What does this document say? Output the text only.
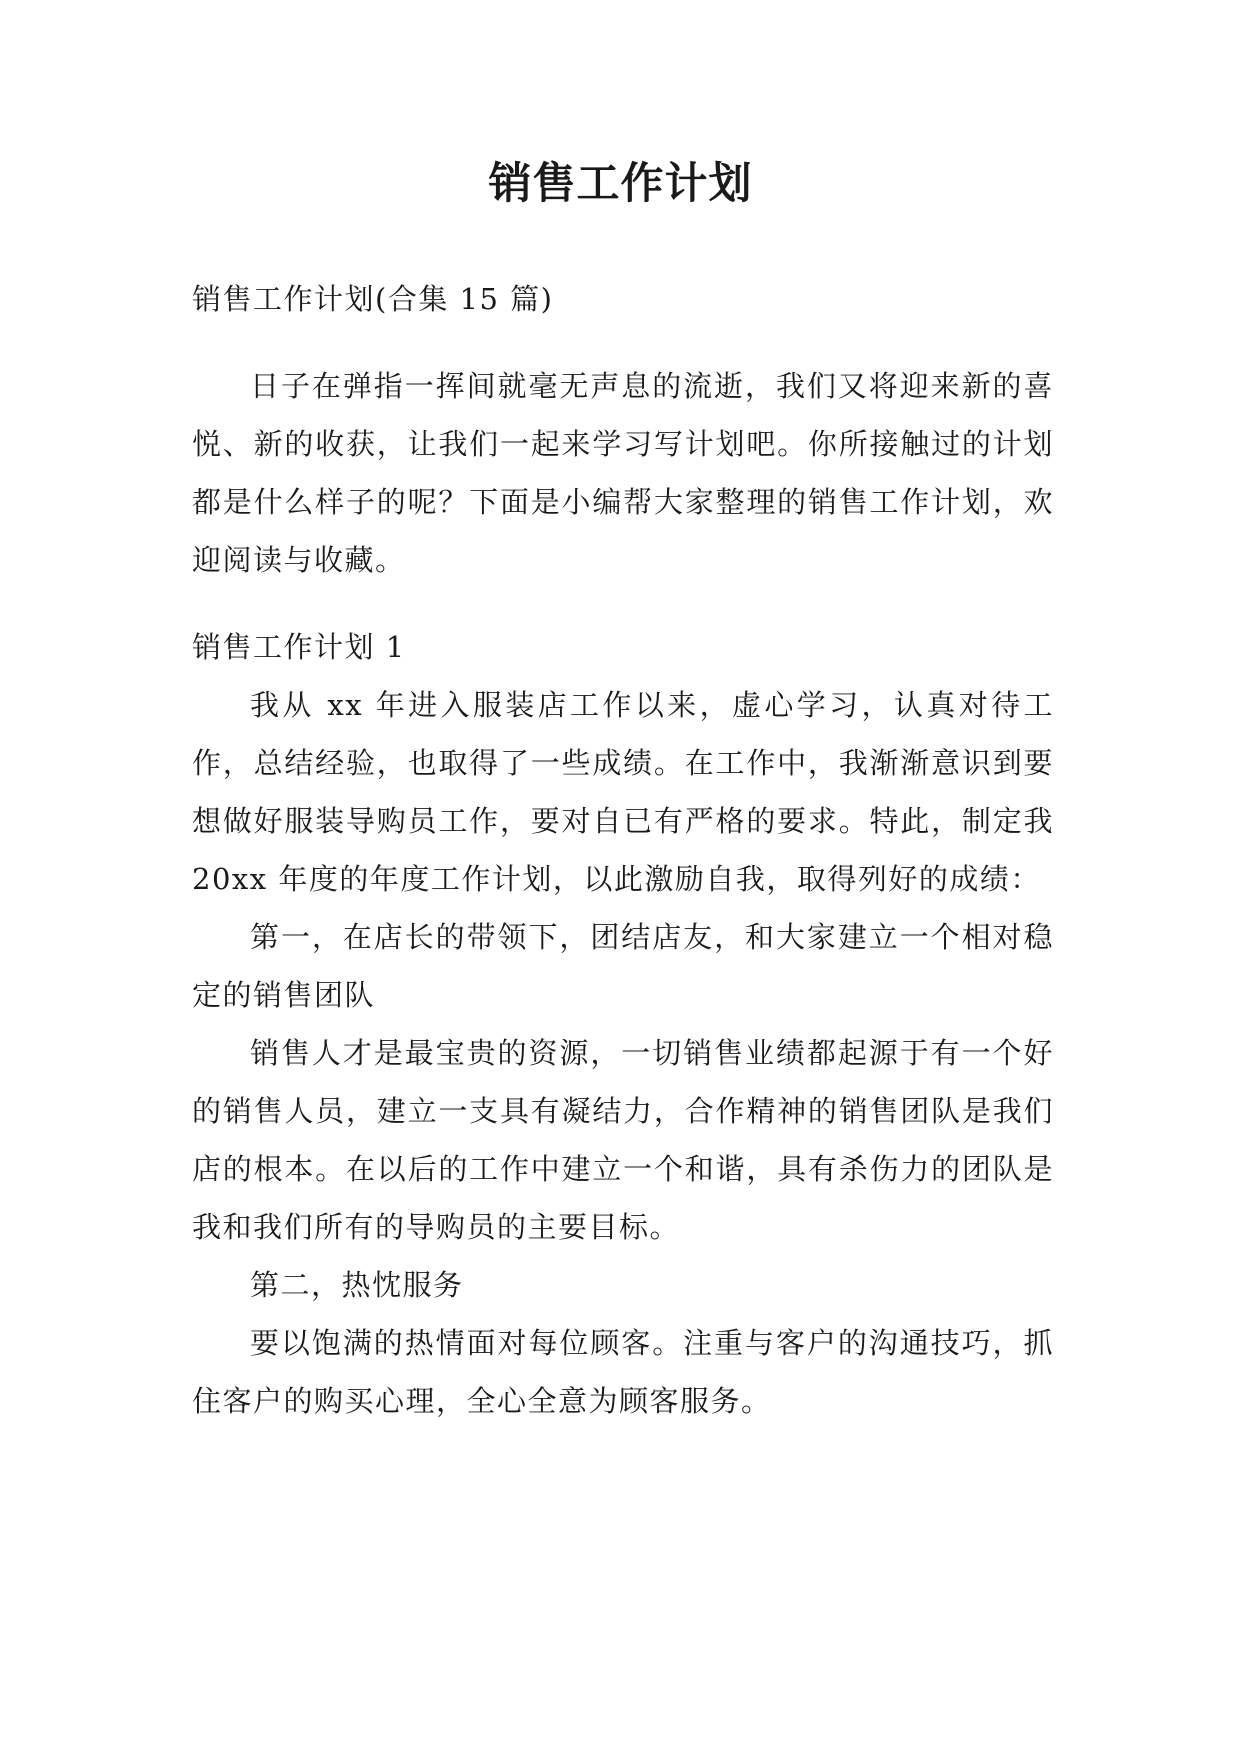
销售工作计划
销售工作计划(合集 15 篇)

日子在弹指一挥间就毫无声息的流逝，我们又将迎来新的喜悦、新的收获，让我们一起来学习写计划吧。你所接触过的计划都是什么样子的呢？下面是小编帮大家整理的销售工作计划，欢迎阅读与收藏。

销售工作计划 1

我从 xx 年进入服装店工作以来，虚心学习，认真对待工作，总结经验，也取得了一些成绩。在工作中，我渐渐意识到要想做好服装导购员工作，要对自已有严格的要求。特此，制定我 20xx 年度的年度工作计划，以此激励自我，取得列好的成绩：

第一，在店长的带领下，团结店友，和大家建立一个相对稳定的销售团队

销售人才是最宝贵的资源，一切销售业绩都起源于有一个好的销售人员，建立一支具有凝结力，合作精神的销售团队是我们店的根本。在以后的工作中建立一个和谐，具有杀伤力的团队是我和我们所有的导购员的主要目标。

第二，热忱服务

要以饱满的热情面对每位顾客。注重与客户的沟通技巧，抓住客户的购买心理，全心全意为顾客服务。
